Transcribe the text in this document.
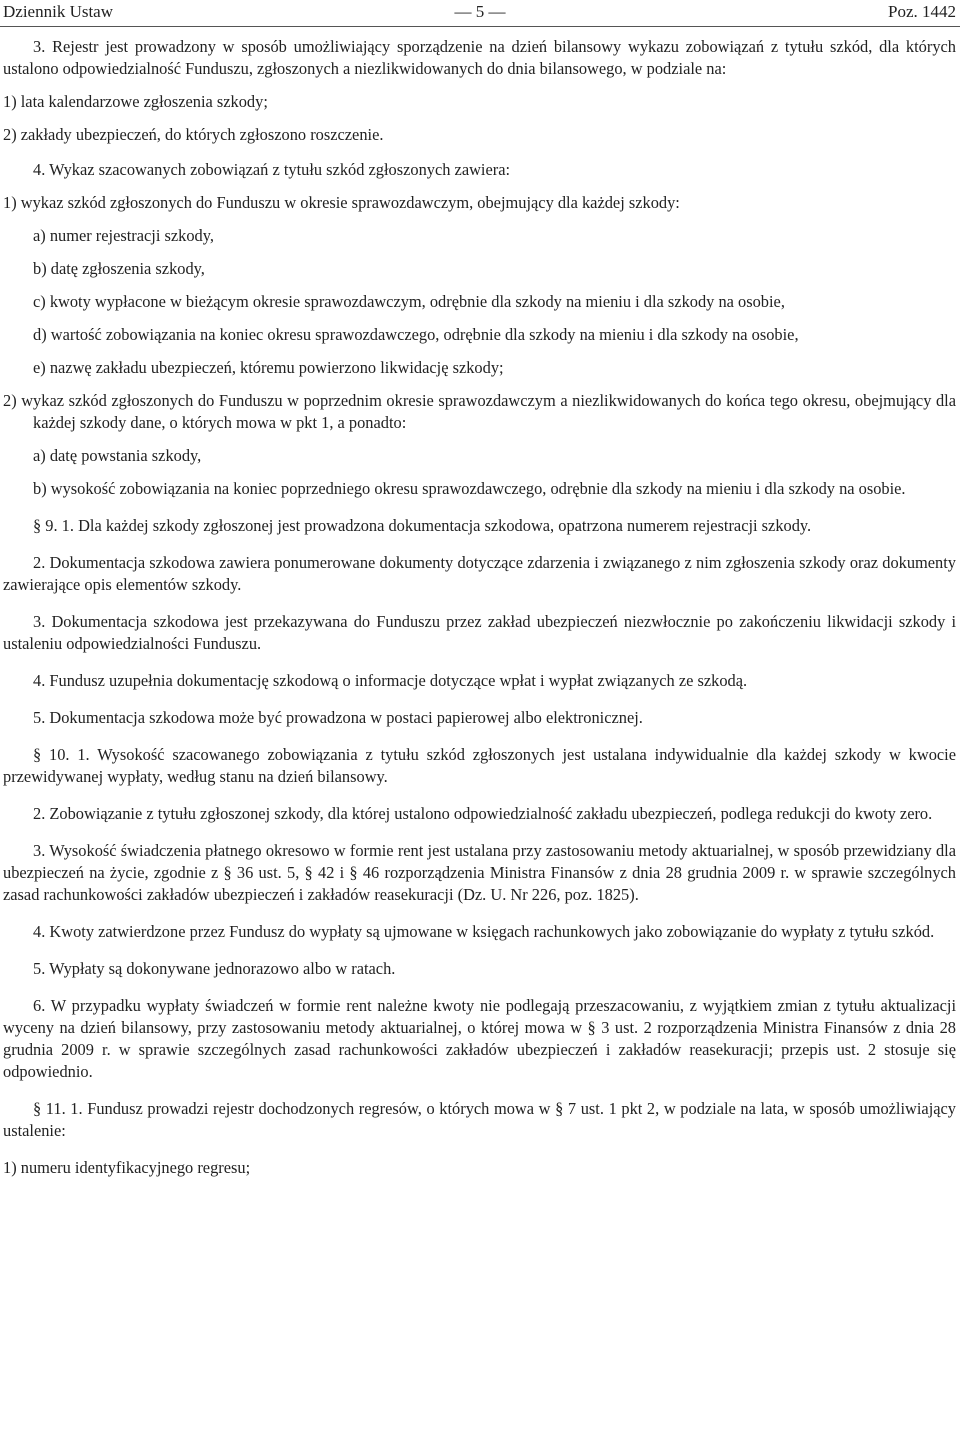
Dziennik Ustaw	— 5 —	Poz. 1442

3. Rejestr jest prowadzony w sposób umożliwiający sporządzenie na dzień bilansowy wykazu zobowiązań z tytułu szkód, dla których ustalono odpowiedzialność Funduszu, zgłoszonych a niezlikwidowanych do dnia bilansowego, w podziale na:

1) lata kalendarzowe zgłoszenia szkody;

2) zakłady ubezpieczeń, do których zgłoszono roszczenie.

4. Wykaz szacowanych zobowiązań z tytułu szkód zgłoszonych zawiera:

1) wykaz szkód zgłoszonych do Funduszu w okresie sprawozdawczym, obejmujący dla każdej szkody:

a) numer rejestracji szkody,

b) datę zgłoszenia szkody,

c) kwoty wypłacone w bieżącym okresie sprawozdawczym, odrębnie dla szkody na mieniu i dla szkody na osobie,

d) wartość zobowiązania na koniec okresu sprawozdawczego, odrębnie dla szkody na mieniu i dla szkody na osobie,

e) nazwę zakładu ubezpieczeń, któremu powierzono likwidację szkody;

2) wykaz szkód zgłoszonych do Funduszu w poprzednim okresie sprawozdawczym a niezlikwidowanych do końca tego okresu, obejmujący dla każdej szkody dane, o których mowa w pkt 1, a ponadto:

a) datę powstania szkody,

b) wysokość zobowiązania na koniec poprzedniego okresu sprawozdawczego, odrębnie dla szkody na mieniu i dla szkody na osobie.

§ 9. 1. Dla każdej szkody zgłoszonej jest prowadzona dokumentacja szkodowa, opatrzona numerem rejestracji szkody.

2. Dokumentacja szkodowa zawiera ponumerowane dokumenty dotyczące zdarzenia i związanego z nim zgłoszenia szkody oraz dokumenty zawierające opis elementów szkody.

3. Dokumentacja szkodowa jest przekazywana do Funduszu przez zakład ubezpieczeń niezwłocznie po zakończeniu likwidacji szkody i ustaleniu odpowiedzialności Funduszu.

4. Fundusz uzupełnia dokumentację szkodową o informacje dotyczące wpłat i wypłat związanych ze szkodą.

5. Dokumentacja szkodowa może być prowadzona w postaci papierowej albo elektronicznej.

§ 10. 1. Wysokość szacowanego zobowiązania z tytułu szkód zgłoszonych jest ustalana indywidualnie dla każdej szkody w kwocie przewidywanej wypłaty, według stanu na dzień bilansowy.

2. Zobowiązanie z tytułu zgłoszonej szkody, dla której ustalono odpowiedzialność zakładu ubezpieczeń, podlega redukcji do kwoty zero.

3. Wysokość świadczenia płatnego okresowo w formie rent jest ustalana przy zastosowaniu metody aktuarialnej, w sposób przewidziany dla ubezpieczeń na życie, zgodnie z § 36 ust. 5, § 42 i § 46 rozporządzenia Ministra Finansów z dnia 28 grudnia 2009 r. w sprawie szczególnych zasad rachunkowości zakładów ubezpieczeń i zakładów reasekuracji (Dz. U. Nr 226, poz. 1825).

4. Kwoty zatwierdzone przez Fundusz do wypłaty są ujmowane w księgach rachunkowych jako zobowiązanie do wypłaty z tytułu szkód.

5. Wypłaty są dokonywane jednorazowo albo w ratach.

6. W przypadku wypłaty świadczeń w formie rent należne kwoty nie podlegają przeszacowaniu, z wyjątkiem zmian z tytułu aktualizacji wyceny na dzień bilansowy, przy zastosowaniu metody aktuarialnej, o której mowa w § 3 ust. 2 rozporządzenia Ministra Finansów z dnia 28 grudnia 2009 r. w sprawie szczególnych zasad rachunkowości zakładów ubezpieczeń i zakładów reasekuracji; przepis ust. 2 stosuje się odpowiednio.

§ 11. 1. Fundusz prowadzi rejestr dochodzonych regresów, o których mowa w § 7 ust. 1 pkt 2, w podziale na lata, w sposób umożliwiający ustalenie:

1) numeru identyfikacyjnego regresu;
